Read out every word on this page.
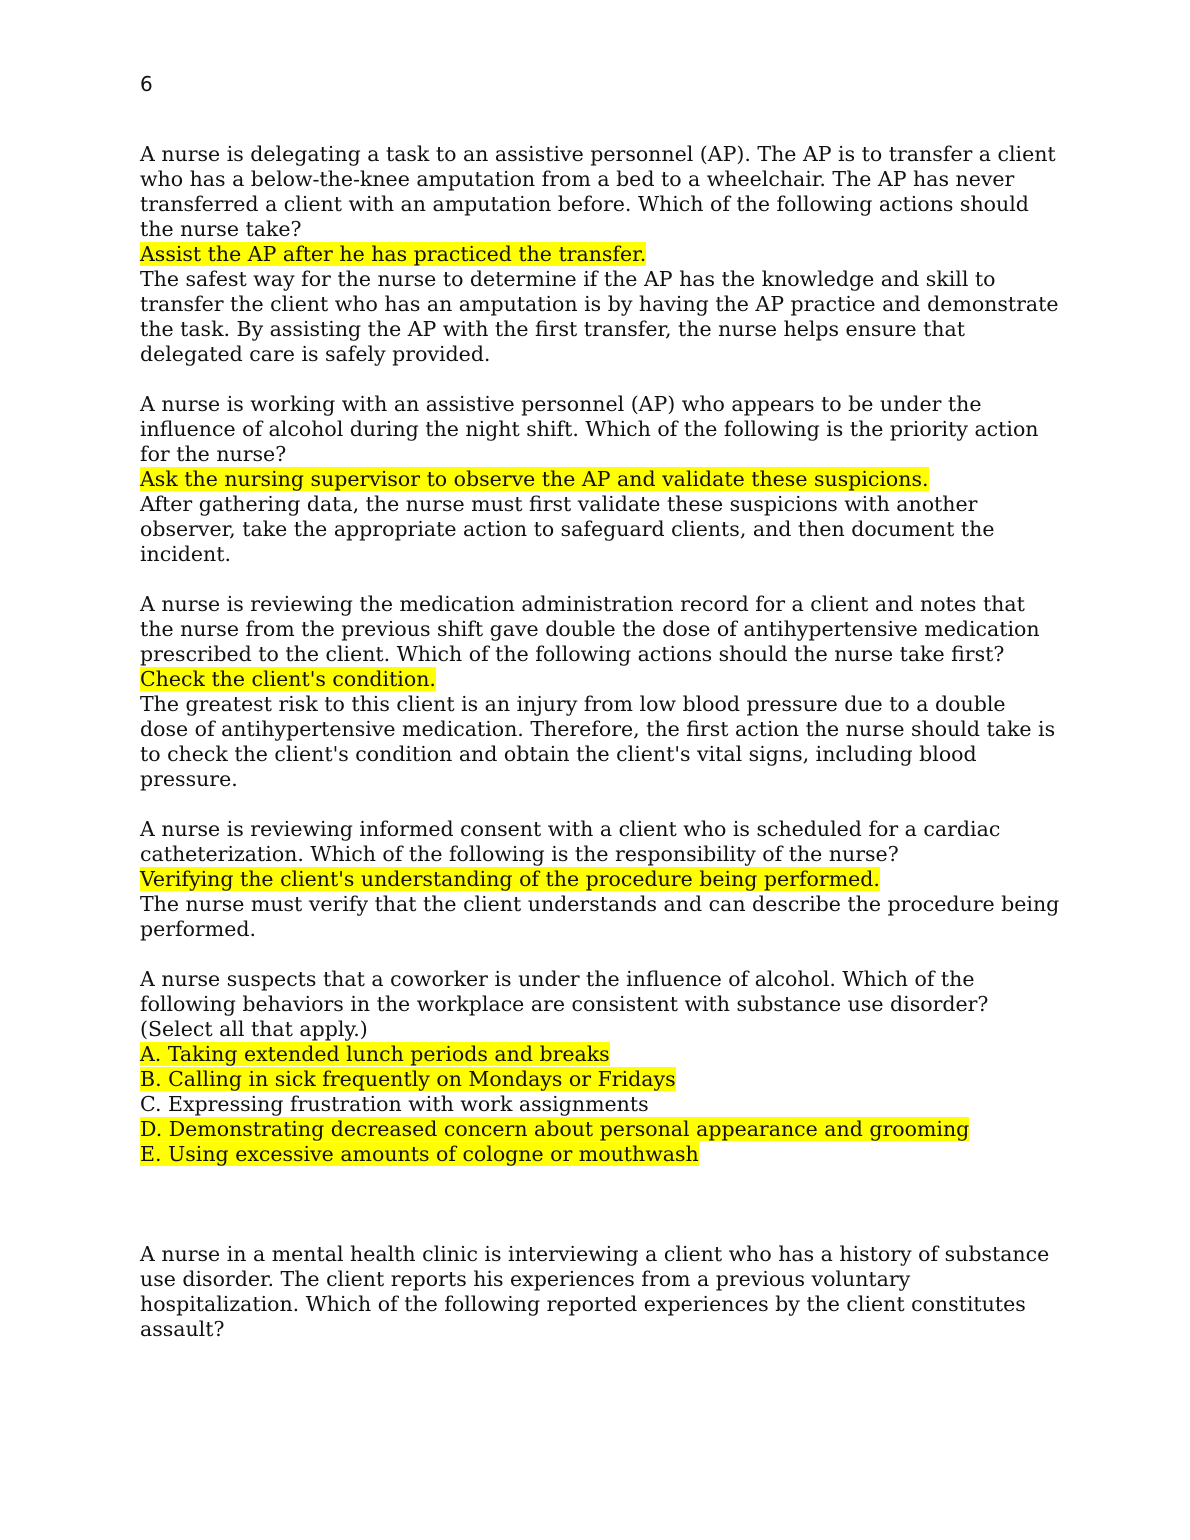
6
A nurse is delegating a task to an assistive personnel (AP). The AP is to transfer a client who has a below-the-knee amputation from a bed to a wheelchair. The AP has never transferred a client with an amputation before. Which of the following actions should the nurse take?
Assist the AP after he has practiced the transfer.
The safest way for the nurse to determine if the AP has the knowledge and skill to transfer the client who has an amputation is by having the AP practice and demonstrate the task. By assisting the AP with the first transfer, the nurse helps ensure that delegated care is safely provided.
A nurse is working with an assistive personnel (AP) who appears to be under the influence of alcohol during the night shift. Which of the following is the priority action for the nurse?
Ask the nursing supervisor to observe the AP and validate these suspicions.
After gathering data, the nurse must first validate these suspicions with another observer, take the appropriate action to safeguard clients, and then document the incident.
A nurse is reviewing the medication administration record for a client and notes that the nurse from the previous shift gave double the dose of antihypertensive medication prescribed to the client. Which of the following actions should the nurse take first?
Check the client's condition.
The greatest risk to this client is an injury from low blood pressure due to a double dose of antihypertensive medication. Therefore, the first action the nurse should take is to check the client's condition and obtain the client's vital signs, including blood pressure.
A nurse is reviewing informed consent with a client who is scheduled for a cardiac catheterization. Which of the following is the responsibility of the nurse?
Verifying the client's understanding of the procedure being performed.
The nurse must verify that the client understands and can describe the procedure being performed.
A nurse suspects that a coworker is under the influence of alcohol. Which of the following behaviors in the workplace are consistent with substance use disorder? (Select all that apply.)
A. Taking extended lunch periods and breaks
B. Calling in sick frequently on Mondays or Fridays
C. Expressing frustration with work assignments
D. Demonstrating decreased concern about personal appearance and grooming
E. Using excessive amounts of cologne or mouthwash
A nurse in a mental health clinic is interviewing a client who has a history of substance use disorder. The client reports his experiences from a previous voluntary hospitalization. Which of the following reported experiences by the client constitutes assault?
